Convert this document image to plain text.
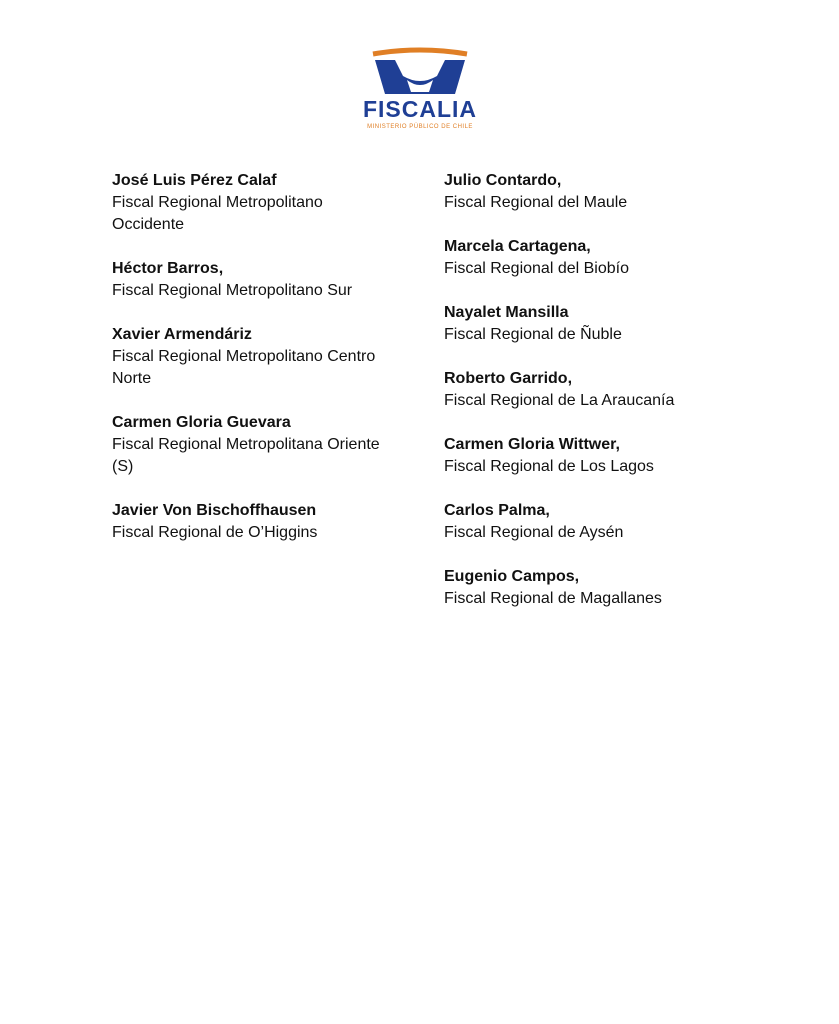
FISCALIA
MINISTERIO PÚBLICO DE CHILE
José Luis Pérez Calaf
Fiscal Regional Metropolitano
Occidente
Héctor Barros,
Fiscal Regional Metropolitano Sur
Xavier Armendáriz
Fiscal Regional Metropolitano Centro
Norte
Carmen Gloria Guevara
Fiscal Regional Metropolitana Oriente
(S)
Javier Von Bischoffhausen
Fiscal Regional de O’Higgins
Julio Contardo,
Fiscal Regional del Maule
Marcela Cartagena,
Fiscal Regional del Biobío
Nayalet Mansilla
Fiscal Regional de Ñuble
Roberto Garrido,
Fiscal Regional de La Araucanía
Carmen Gloria Wittwer,
Fiscal Regional de Los Lagos
Carlos Palma,
Fiscal Regional de Aysén
Eugenio Campos,
Fiscal Regional de Magallanes
